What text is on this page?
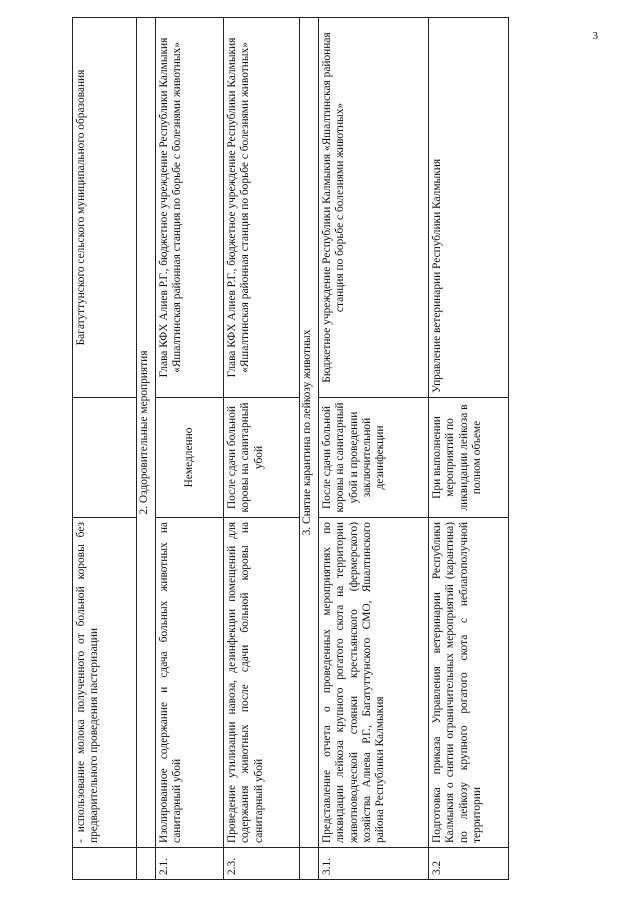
3
	- использование молока полученного от больной коровы без предварительного проведения пастеризации		Багатуттунского сельского муниципального образования
	2. Оздоровительные мероприятия		
2.1.	Изолированное содержание и сдача больных животных на санитарный убой	Немедленно	Глава КФХ Алиев Р.Г., бюджетное учреждение Республики Калмыкия «Яшалтинская районная станция по борьбе с болезнями животных»
2.3.	Проведение утилизации навоза, дезинфекции помещений для содержания животных после сдачи больной коровы на санитарный убой	После сдачи больной коровы на санитарный убой	Глава КФХ Алиев Р.Г., бюджетное учреждение Республики Калмыкия «Яшалтинская районная станция по борьбе с болезнями животных»
	3. Снятие карантина по лейкозу животных		
3.1.	Представление отчета о проведенных мероприятиях по ликвидации лейкоза крупного рогатого скота на территории животноводческой стоянки крестьянского (фермерского) хозяйства Алиева Р.Г., Багатуттунского СМО, Яшалтинского района Республики Калмыкия	После сдачи больной коровы на санитарный убой и проведении заключительной дезинфекции	Бюджетное учреждение Республики Калмыкия «Яшалтинская районная станция по борьбе с болезнями животных»
3.2	Подготовка приказа Управления ветеринарии Республики Калмыкия о снятии ограничительных мероприятий (карантина) по лейкозу крупного рогатого скота с неблагополучной территории	При выполнении мероприятий по ликвидации лейкоза в полном объеме	Управление ветеринарии Республики Калмыкия
